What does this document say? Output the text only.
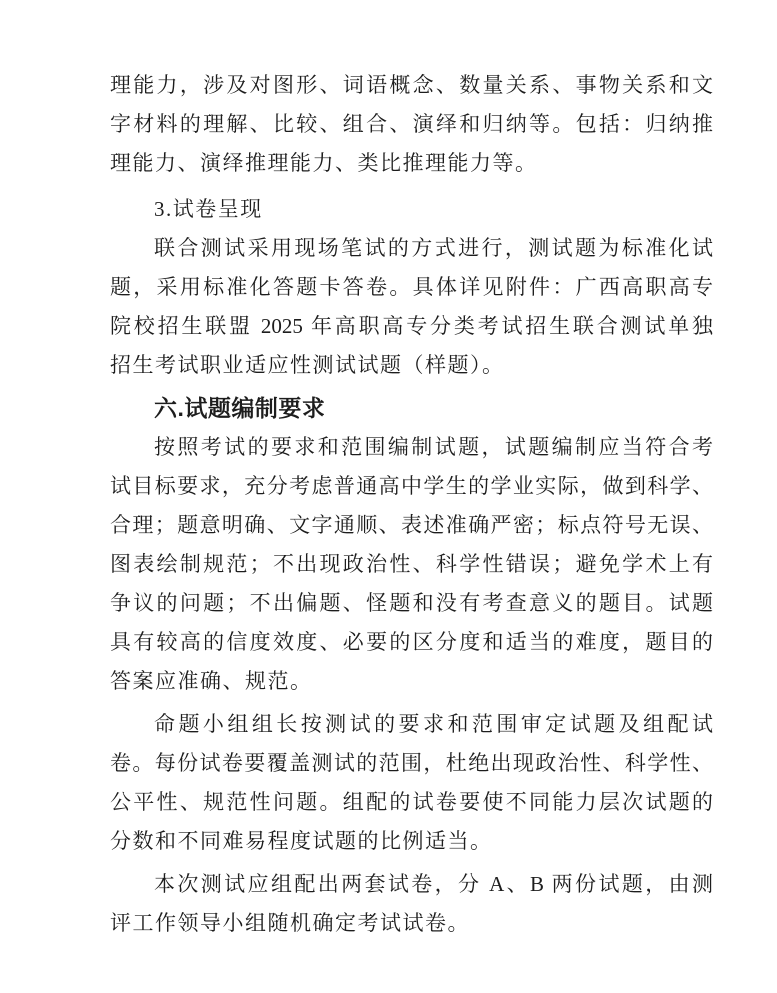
理能力，涉及对图形、词语概念、数量关系、事物关系和文
字材料的理解、比较、组合、演绎和归纳等。包括：归纳推
理能力、演绎推理能力、类比推理能力等。
3.试卷呈现
联合测试采用现场笔试的方式进行，测试题为标准化试
题，采用标准化答题卡答卷。具体详见附件：广西高职高专
院校招生联盟 2025 年高职高专分类考试招生联合测试单独
招生考试职业适应性测试试题（样题）。
六.试题编制要求
按照考试的要求和范围编制试题，试题编制应当符合考
试目标要求，充分考虑普通高中学生的学业实际，做到科学、
合理；题意明确、文字通顺、表述准确严密；标点符号无误、
图表绘制规范；不出现政治性、科学性错误；避免学术上有
争议的问题；不出偏题、怪题和没有考查意义的题目。试题
具有较高的信度效度、必要的区分度和适当的难度，题目的
答案应准确、规范。
命题小组组长按测试的要求和范围审定试题及组配试
卷。每份试卷要覆盖测试的范围，杜绝出现政治性、科学性、
公平性、规范性问题。组配的试卷要使不同能力层次试题的
分数和不同难易程度试题的比例适当。
本次测试应组配出两套试卷，分 A、B 两份试题，由测
评工作领导小组随机确定考试试卷。
